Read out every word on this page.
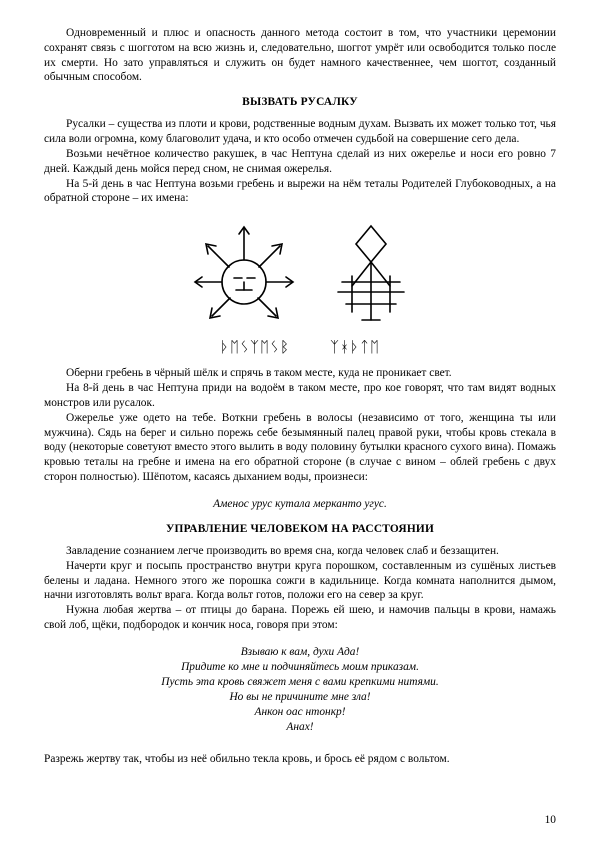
Одновременный и плюс и опасность данного метода состоит в том, что участники церемонии сохранят связь с шогготом на всю жизнь и, следовательно, шоггот умрёт или освободится только после их смерти. Но зато управляться и служить он будет намного качественнее, чем шоггот, созданный обычным способом.

ВЫЗВАТЬ РУСАЛКУ

Русалки – существа из плоти и крови, родственные водным духам. Вызвать их может только тот, чья сила воли огромна, кому благоволит удача, и кто особо отмечен судьбой на совершение сего дела.

Возьми нечётное количество ракушек, в час Нептуна сделай из них ожерелье и носи его ровно 7 дней. Каждый день мойся перед сном, не снимая ожерелья.

На 5-й день в час Нептуна возьми гребень и вырежи на нём теталы Родителей Глубоководных, а на обратной стороне – их имена:

ᚦᛖᛊᛉᛖᛊᛒ	ᛉᚼᚦᛏᛖ

Оберни гребень в чёрный шёлк и спрячь в таком месте, куда не проникает свет.

На 8-й день в час Нептуна приди на водоём в таком месте, про кое говорят, что там видят водных монстров или русалок.

Ожерелье уже одето на тебе. Воткни гребень в волосы (независимо от того, женщина ты или мужчина). Сядь на берег и сильно порежь себе безымянный палец правой руки, чтобы кровь стекала в воду (некоторые советуют вместо этого вылить в воду половину бутылки красного сухого вина). Помажь кровью теталы на гребне и имена на его обратной стороне (в случае с вином – облей гребень с двух сторон полностью). Шёпотом, касаясь дыханием воды, произнеси:

Аменос урус кутала мерканто угус.

УПРАВЛЕНИЕ ЧЕЛОВЕКОМ НА РАССТОЯНИИ

Завладение сознанием легче производить во время сна, когда человек слаб и беззащитен.

Начерти круг и посыпь пространство внутри круга порошком, составленным из сушёных листьев белены и ладана. Немного этого же порошка сожги в кадильнице. Когда комната наполнится дымом, начни изготовлять вольт врага. Когда вольт готов, положи его на север за круг.

Нужна любая жертва – от птицы до барана. Порежь ей шею, и намочив пальцы в крови, намажь свой лоб, щёки, подбородок и кончик носа, говоря при этом:

Взываю к вам, духи Ада!

Придите ко мне и подчиняйтесь моим приказам.

Пусть эта кровь свяжет меня с вами крепкими нитями.

Но вы не причините мне зла!

Анкон оас нтонкр!

Анах!

Разрежь жертву так, чтобы из неё обильно текла кровь, и брось её рядом с вольтом.

10
